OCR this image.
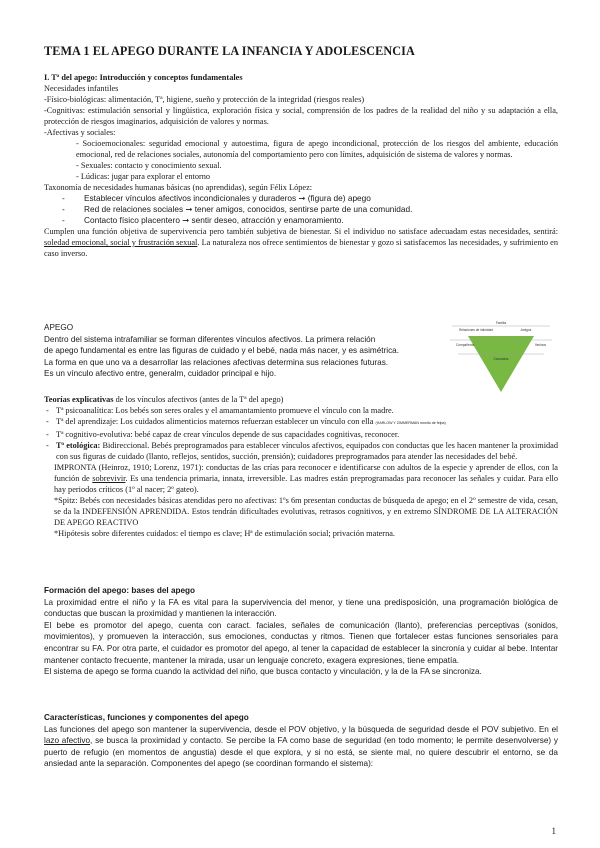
TEMA 1 EL APEGO DURANTE LA INFANCIA Y ADOLESCENCIA
I. Tª del apego: Introducción y conceptos fundamentales
Necesidades infantiles
-Físico-biológicas: alimentación, Tª, higiene, sueño y protección de la integridad (riesgos reales)
-Cognitivas: estimulación sensorial y lingüística, exploración física y social, comprensión de los padres de la realidad del niño y su adaptación a ella, protección de riesgos imaginarios, adquisición de valores y normas.
-Afectivas y sociales:
- Socioemocionales: seguridad emocional y autoestima, figura de apego incondicional, protección de los riesgos del ambiente, educación emocional, red de relaciones sociales, autonomía del comportamiento pero con límites, adquisición de sistema de valores y normas.
- Sexuales: contacto y conocimiento sexual.
- Lúdicas: jugar para explorar el entorno
Taxonomía de necesidades humanas básicas (no aprendidas), según Félix López:
- Establecer vínculos afectivos incondicionales y duraderos ➞ (figura de) apego
- Red de relaciones sociales ➞ tener amigos, conocidos, sentirse parte de una comunidad.
- Contacto físico placentero ➞ sentir deseo, atracción y enamoramiento.
Cumplen una función objetiva de supervivencia pero también subjetiva de bienestar. Si el individuo no satisface adecuadam estas necesidades, sentirá: soledad emocional, social y frustración sexual. La naturaleza nos ofrece sentimientos de bienestar y gozo si satisfacemos las necesidades, y sufrimiento en caso inverso.
APEGO
Dentro del sistema intrafamiliar se forman diferentes vínculos afectivos. La primera relación
de apego fundamental es entre las figuras de cuidado y el bebé, nada más nacer, y es asimétrica.
La forma en que uno va a desarrollar las relaciones afectivas determina sus relaciones futuras.
Es un vínculo afectivo entre, generalm, cuidador principal e hijo.
Teorías explicativas de los vínculos afectivos (antes de la Tª del apego)
- Tª psicoanalítica: Los bebés son seres orales y el amamantamiento promueve el vínculo con la madre.
- Tª del aprendizaje: Los cuidados alimenticios maternos refuerzan establecer un vínculo con ella (HARLOW Y ZIMMERMAN monito de felpa)
- Tª cognitivo-evolutiva: bebé capaz de crear vínculos depende de sus capacidades cognitivas, reconocer.
- Tª etológica: Bidireccional. Bebés preprogramados para establecer vínculos afectivos, equipados con conductas que les hacen mantener la proximidad con sus figuras de cuidado (llanto, reflejos, sentidos, succión, prensión); cuidadores preprogramados para atender las necesidades del bebé.
IMPRONTA (Heinroz, 1910; Lorenz, 1971): conductas de las crías para reconocer e identificarse con adultos de la especie y aprender de ellos, con la función de sobrevivir. Es una tendencia primaria, innata, irreversible. Las madres están preprogramadas para reconocer las señales y cuidar. Para ello hay periodos críticos (1º al nacer; 2º gateo).
*Spitz: Bebés con necesidades básicas atendidas pero no afectivas: 1ºs 6m presentan conductas de búsqueda de apego; en el 2º semestre de vida, cesan, se da la INDEFENSIÓN APRENDIDA. Estos tendrán dificultades evolutivas, retrasos cognitivos, y en extremo SÍNDROME DE LA ALTERACIÓN DE APEGO REACTIVO
*Hipótesis sobre diferentes cuidados: el tiempo es clave; Hª de estimulación social; privación materna.
Formación del apego: bases del apego
La proximidad entre el niño y la FA es vital para la supervivencia del menor, y tiene una predisposición, una programación biológica de conductas que buscan la proximidad y mantienen la interacción.
El bebe es promotor del apego, cuenta con caract. faciales, señales de comunicación (llanto), preferencias perceptivas (sonidos, movimientos), y promueven la interacción, sus emociones, conductas y ritmos. Tienen que fortalecer estas funciones sensoriales para encontrar su FA. Por otra parte, el cuidador es promotor del apego, al tener la capacidad de establecer la sincronía y cuidar al bebe. Intentar mantener contacto frecuente, mantener la mirada, usar un lenguaje concreto, exagera expresiones, tiene empatía.
El sistema de apego se forma cuando la actividad del niño, que busca contacto y vinculación, y la de la FA se sincroniza.
Características, funciones y componentes del apego
Las funciones del apego son mantener la supervivencia, desde el POV objetivo, y la búsqueda de seguridad desde el POV subjetivo. En el lazo afectivo, se busca la proximidad y contacto. Se percibe la FA como base de seguridad (en todo momento; le permite desenvolverse) y puerto de refugio (en momentos de angustia) desde el que explora, y si no está, se siente mal, no quiere descubrir el entorno, se da ansiedad ante la separación. Componentes del apego (se coordinan formando el sistema):
Familia
Relaciones de intimidad	Amigos
Compañeros	Vecinos
Conocidos
1
